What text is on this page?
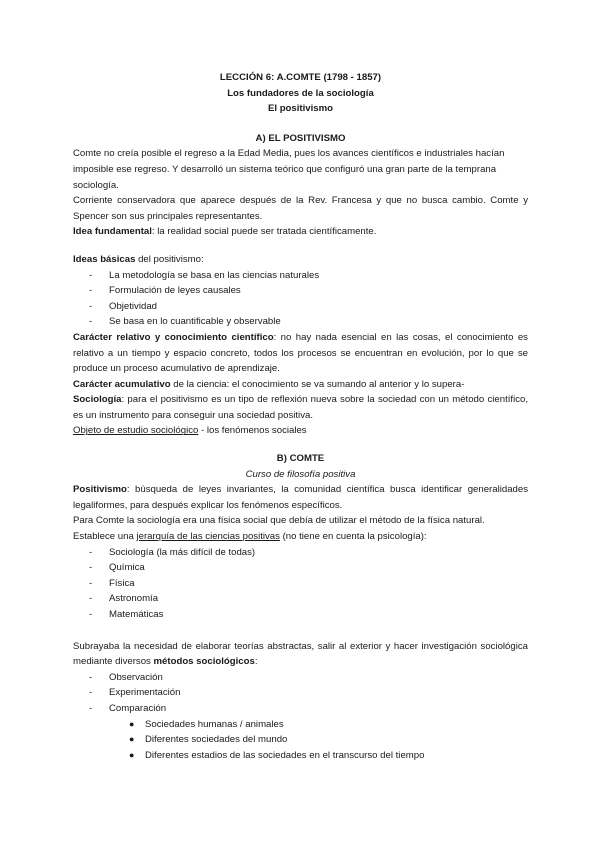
LECCIÓN 6: A.COMTE (1798 - 1857)

Los fundadores de la sociología

El positivismo

A) EL POSITIVISMO

Comte no creía posible el regreso a la Edad Media, pues los avances científicos e industriales hacían imposible ese regreso. Y desarrolló un sistema teórico que configuró una gran parte de la temprana sociología.

Corriente conservadora que aparece después de la Rev. Francesa y que no busca cambio. Comte y Spencer son sus principales representantes.

Idea fundamental: la realidad social puede ser tratada científicamente.

Ideas básicas del positivismo:

- La metodología se basa en las ciencias naturales
- Formulación de leyes causales
- Objetividad
- Se basa en lo cuantificable y observable

Carácter relativo y conocimiento científico: no hay nada esencial en las cosas, el conocimiento es relativo a un tiempo y espacio concreto, todos los procesos se encuentran en evolución, por lo que se produce un proceso acumulativo de aprendizaje.

Carácter acumulativo de la ciencia: el conocimiento se va sumando al anterior y lo supera-

Sociología: para el positivismo es un tipo de reflexión nueva sobre la sociedad con un método científico, es un instrumento para conseguir una sociedad positiva.

Objeto de estudio sociológico - los fenómenos sociales

B) COMTE

Curso de filosofía positiva

Positivismo: búsqueda de leyes invariantes, la comunidad científica busca identificar generalidades legaliformes, para después explicar los fenómenos específicos.

Para Comte la sociología era una física social que debía de utilizar el método de la física natural.

Establece una jerarquía de las ciencias positivas (no tiene en cuenta la psicología):

- Sociología (la más difícil de todas)
- Química
- Física
- Astronomía
- Matemáticas

Subrayaba la necesidad de elaborar teorías abstractas, salir al exterior y hacer investigación sociológica mediante diversos métodos sociológicos:

- Observación
- Experimentación
- Comparación
● Sociedades humanas / animales
● Diferentes sociedades del mundo
● Diferentes estadios de las sociedades en el transcurso del tiempo
